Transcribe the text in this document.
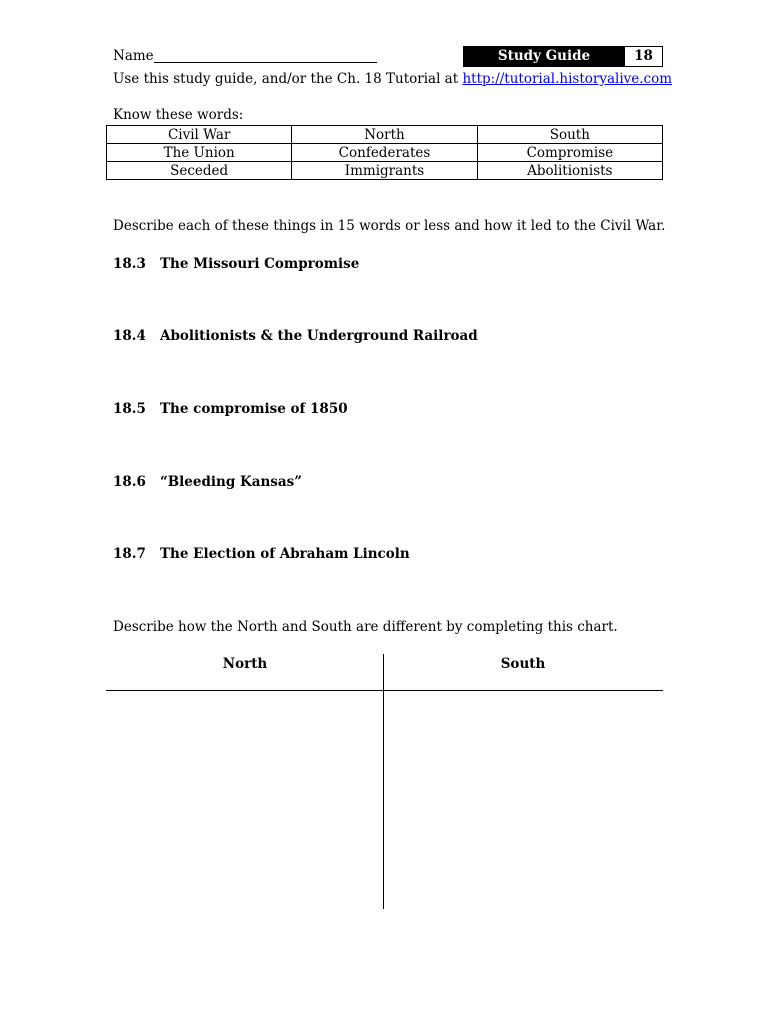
Name	Study Guide	18
Use this study guide, and/or the Ch. 18 Tutorial at http://tutorial.historyalive.com
Know these words:
Civil War	North	South
The Union	Confederates	Compromise
Seceded	Immigrants	Abolitionists
Describe each of these things in 15 words or less and how it led to the Civil War.
18.3 The Missouri Compromise
18.4 Abolitionists & the Underground Railroad
18.5 The compromise of 1850
18.6 “Bleeding Kansas”
18.7 The Election of Abraham Lincoln
Describe how the North and South are different by completing this chart.
North	South
